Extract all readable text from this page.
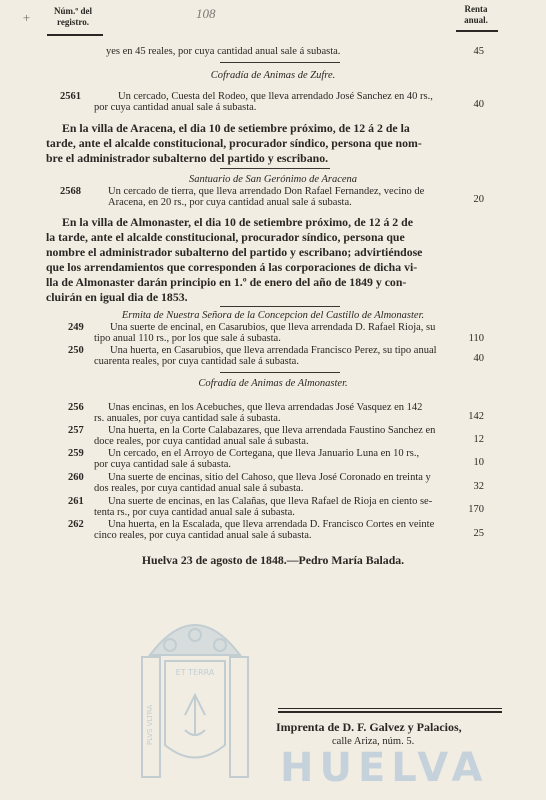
+	Núm.º del
registro.
108	Renta
anual.
yes en 45 reales, por cuya cantidad anual sale á subasta.	45
Cofradía de Animas de Zufre.
2561	Un cercado, Cuesta del Rodeo, que lleva arrendado José Sanchez en 40 rs.,
por cuya cantidad anual sale á subasta.	40
En la villa de Aracena, el dia 10 de setiembre próximo, de 12 á 2 de la
tarde, ante el alcalde constitucional, procurador síndico, persona que nom-
bre el administrador subalterno del partido y escribano.
Santuario de San Gerónimo de Aracena
2568	Un cercado de tierra, que lleva arrendado Don Rafael Fernandez, vecino de
Aracena, en 20 rs., por cuya cantidad anual sale á subasta.	20
En la villa de Almonaster, el dia 10 de setiembre próximo, de 12 á 2 de
la tarde, ante el alcalde constitucional, procurador síndico, persona que
nombre el administrador subalterno del partido y escribano; advirtiéndose
que los arrendamientos que corresponden á las corporaciones de dicha vi-
lla de Almonaster darán principio en 1.º de enero del año de 1849 y con-
cluirán en igual dia de 1853.
Ermita de Nuestra Señora de la Concepcion del Castillo de Almonaster.
249	Una suerte de encinal, en Casarubios, que lleva arrendada D. Rafael Rioja, su
tipo anual 110 rs., por los que sale á subasta.	110
250	Una huerta, en Casarubios, que lleva arrendada Francisco Perez, su tipo anual
cuarenta reales, por cuya cantidad sale á subasta.	40
Cofradía de Animas de Almonaster.
256 Unas encinas, en los Acebuches, que lleva arrendadas José Vasquez en 142
rs. anuales, por cuya cantidad sale á subasta.	142
257 Una huerta, en la Corte Calabazares, que lleva arrendada Faustino Sanchez en
doce reales, por cuya cantidad anual sale á subasta.	12
259 Un cercado, en el Arroyo de Cortegana, que lleva Januario Luna en 10 rs.,
por cuya cantidad sale á subasta.	10
260 Una suerte de encinas, sitio del Cahoso, que lleva José Coronado en treinta y
dos reales, por cuya cantidad anual sale á subasta.	32
261 Una suerte de encinas, en las Calañas, que lleva Rafael de Rioja en ciento se-
tenta rs., por cuya cantidad anual sale á subasta.	170
262 Una huerta, en la Escalada, que lleva arrendada D. Francisco Cortes en veinte
cinco reales, por cuya cantidad anual sale á subasta.	25
Huelva 23 de agosto de 1848.—Pedro María Balada.
ET TERRA
PLVS VLTRA	Imprenta de D. F. Galvez y Palacios,
calle Ariza, núm. 5.
HUELVA
